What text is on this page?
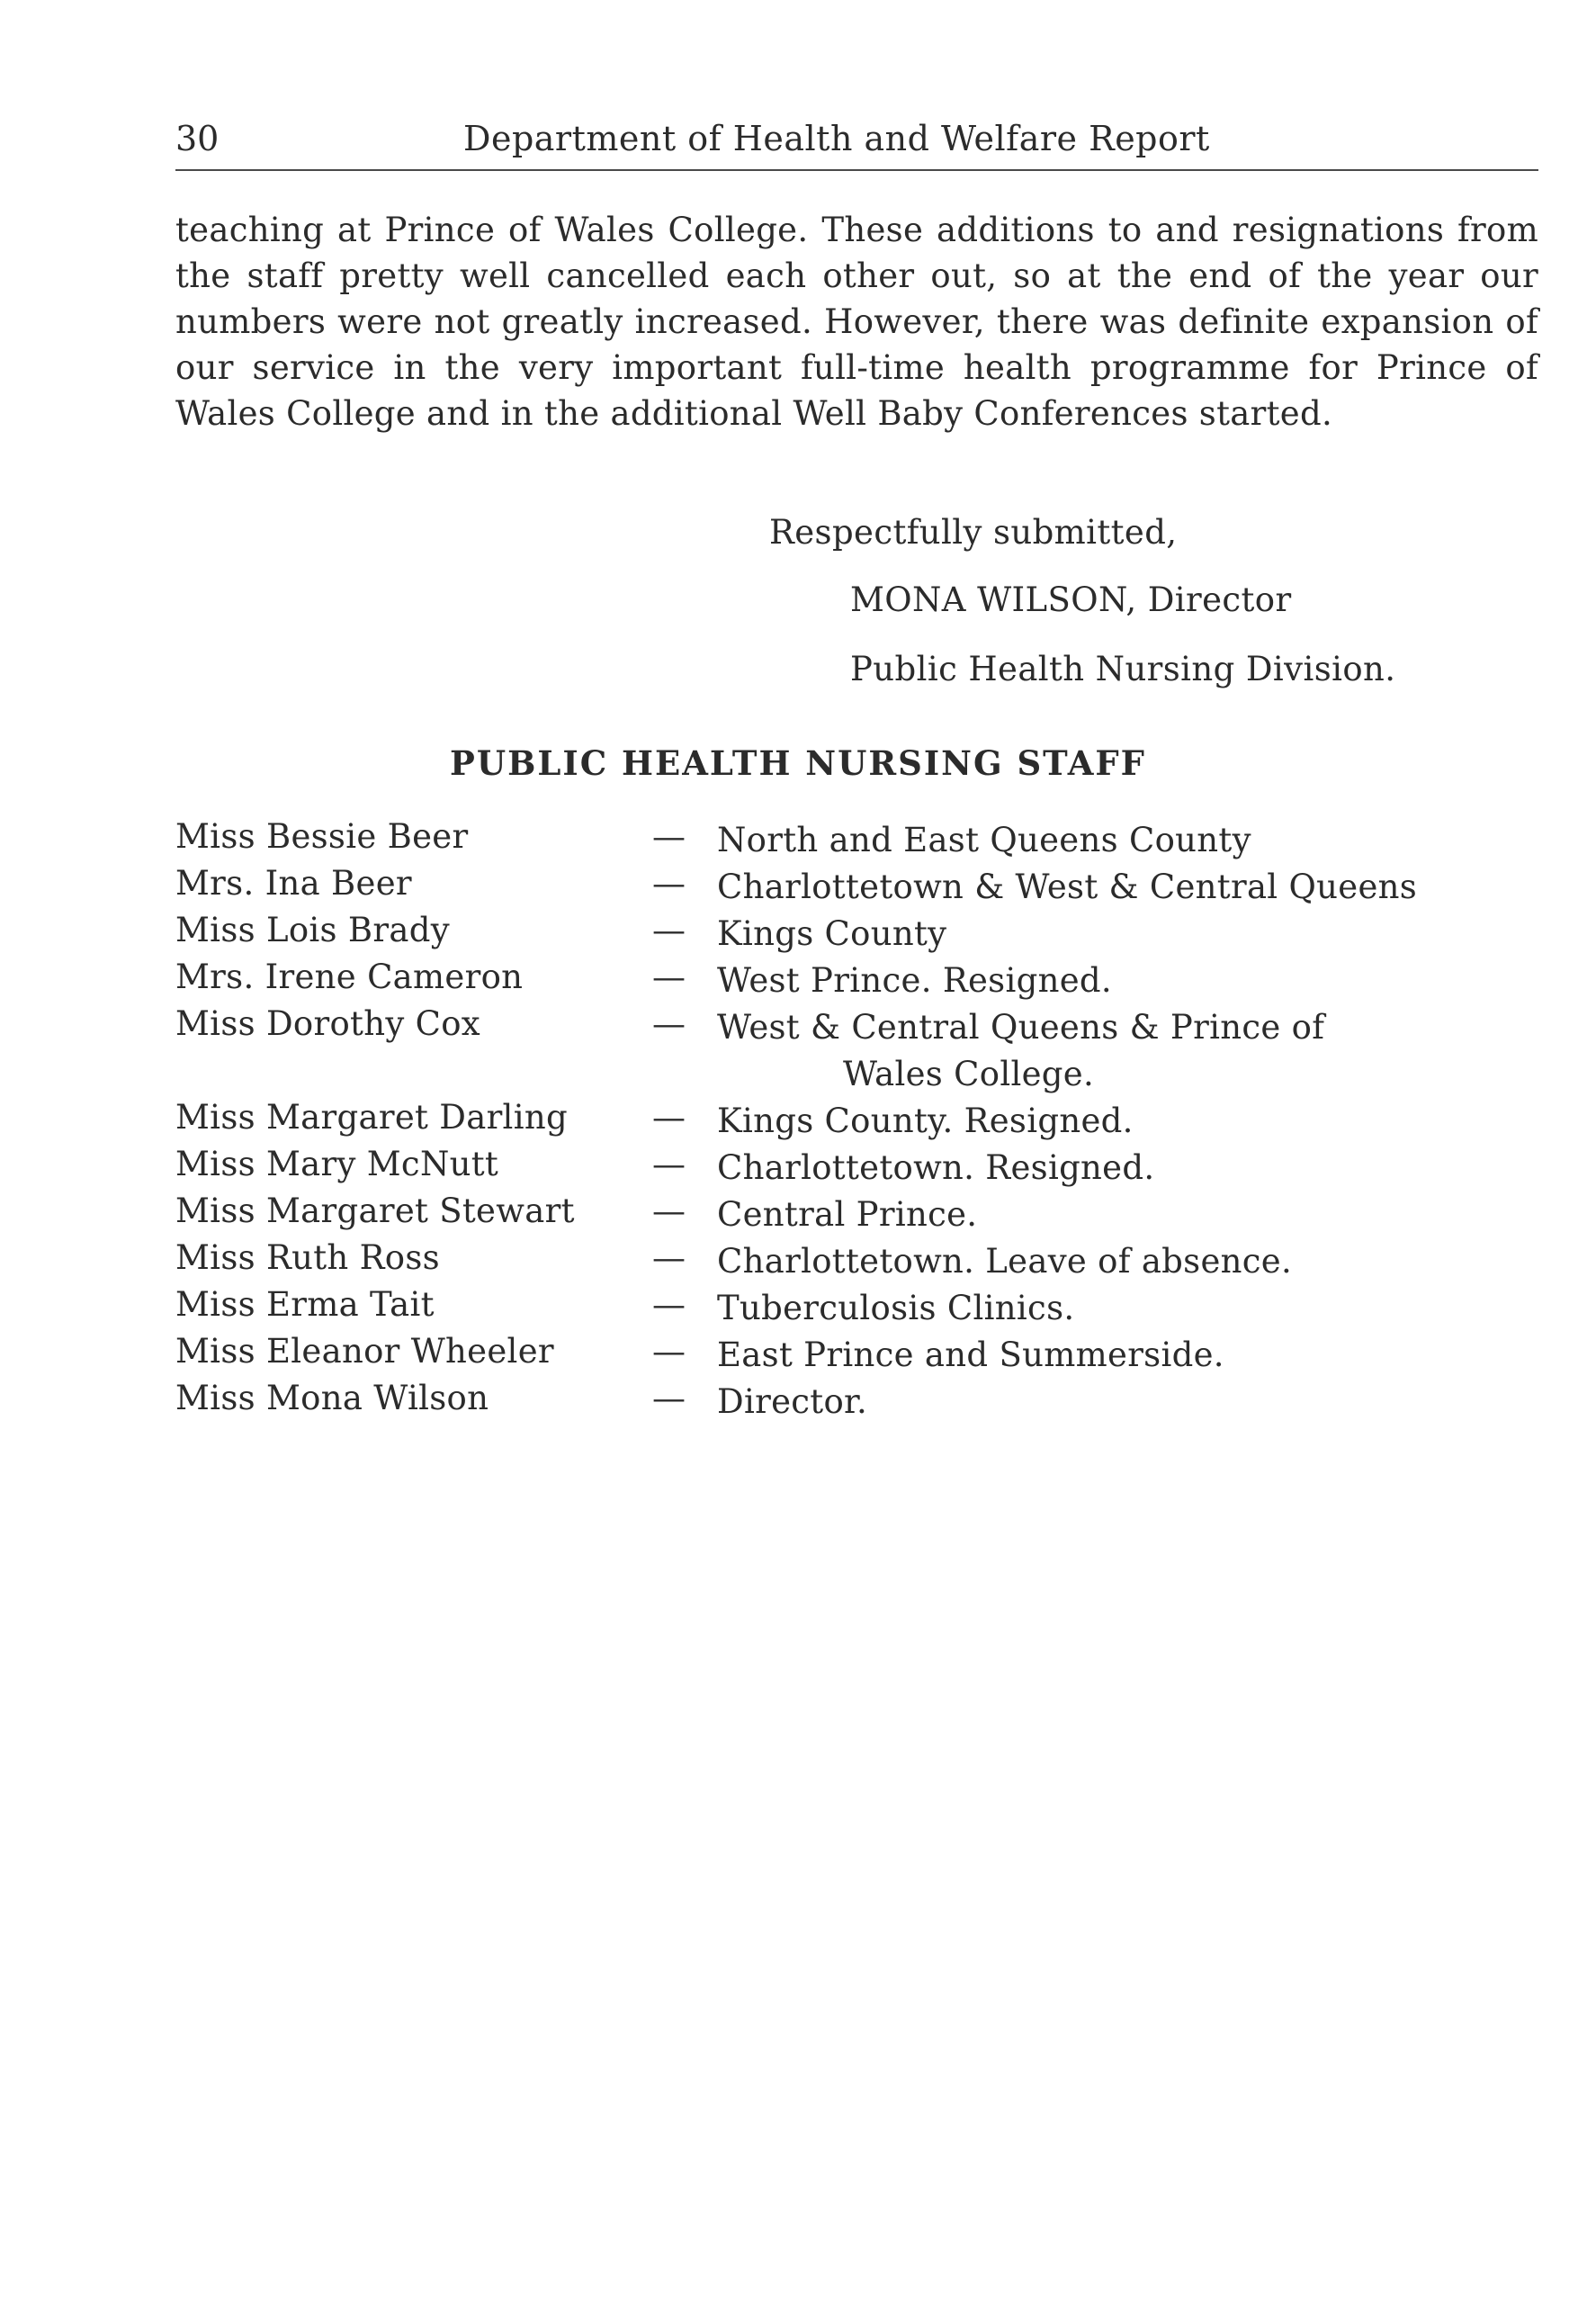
30	Department of Health and Welfare Report

teaching at Prince of Wales College. These additions to and resignations from the staff pretty well cancelled each other out, so at the end of the year our numbers were not greatly increased. However, there was definite expansion of our service in the very important full-time health programme for Prince of Wales College and in the additional Well Baby Conferences started.

Respectfully submitted,
MONA WILSON, Director
Public Health Nursing Division.
PUBLIC HEALTH NURSING STAFF
Miss Bessie Beer	— North and East Queens County
Mrs. Ina Beer	— Charlottetown & West & Central Queens
Miss Lois Brady	— Kings County
Mrs. Irene Cameron	— West Prince. Resigned.
Miss Dorothy Cox	— West & Central Queens & Prince of
Wales College.
Miss Margaret Darling	— Kings County. Resigned.
Miss Mary McNutt	— Charlottetown. Resigned.
Miss Margaret Stewart — Central Prince.
Miss Ruth Ross	— Charlottetown. Leave of absence.
Miss Erma Tait	— Tuberculosis Clinics.
Miss Eleanor Wheeler	— East Prince and Summerside.
Miss Mona Wilson	— Director.
